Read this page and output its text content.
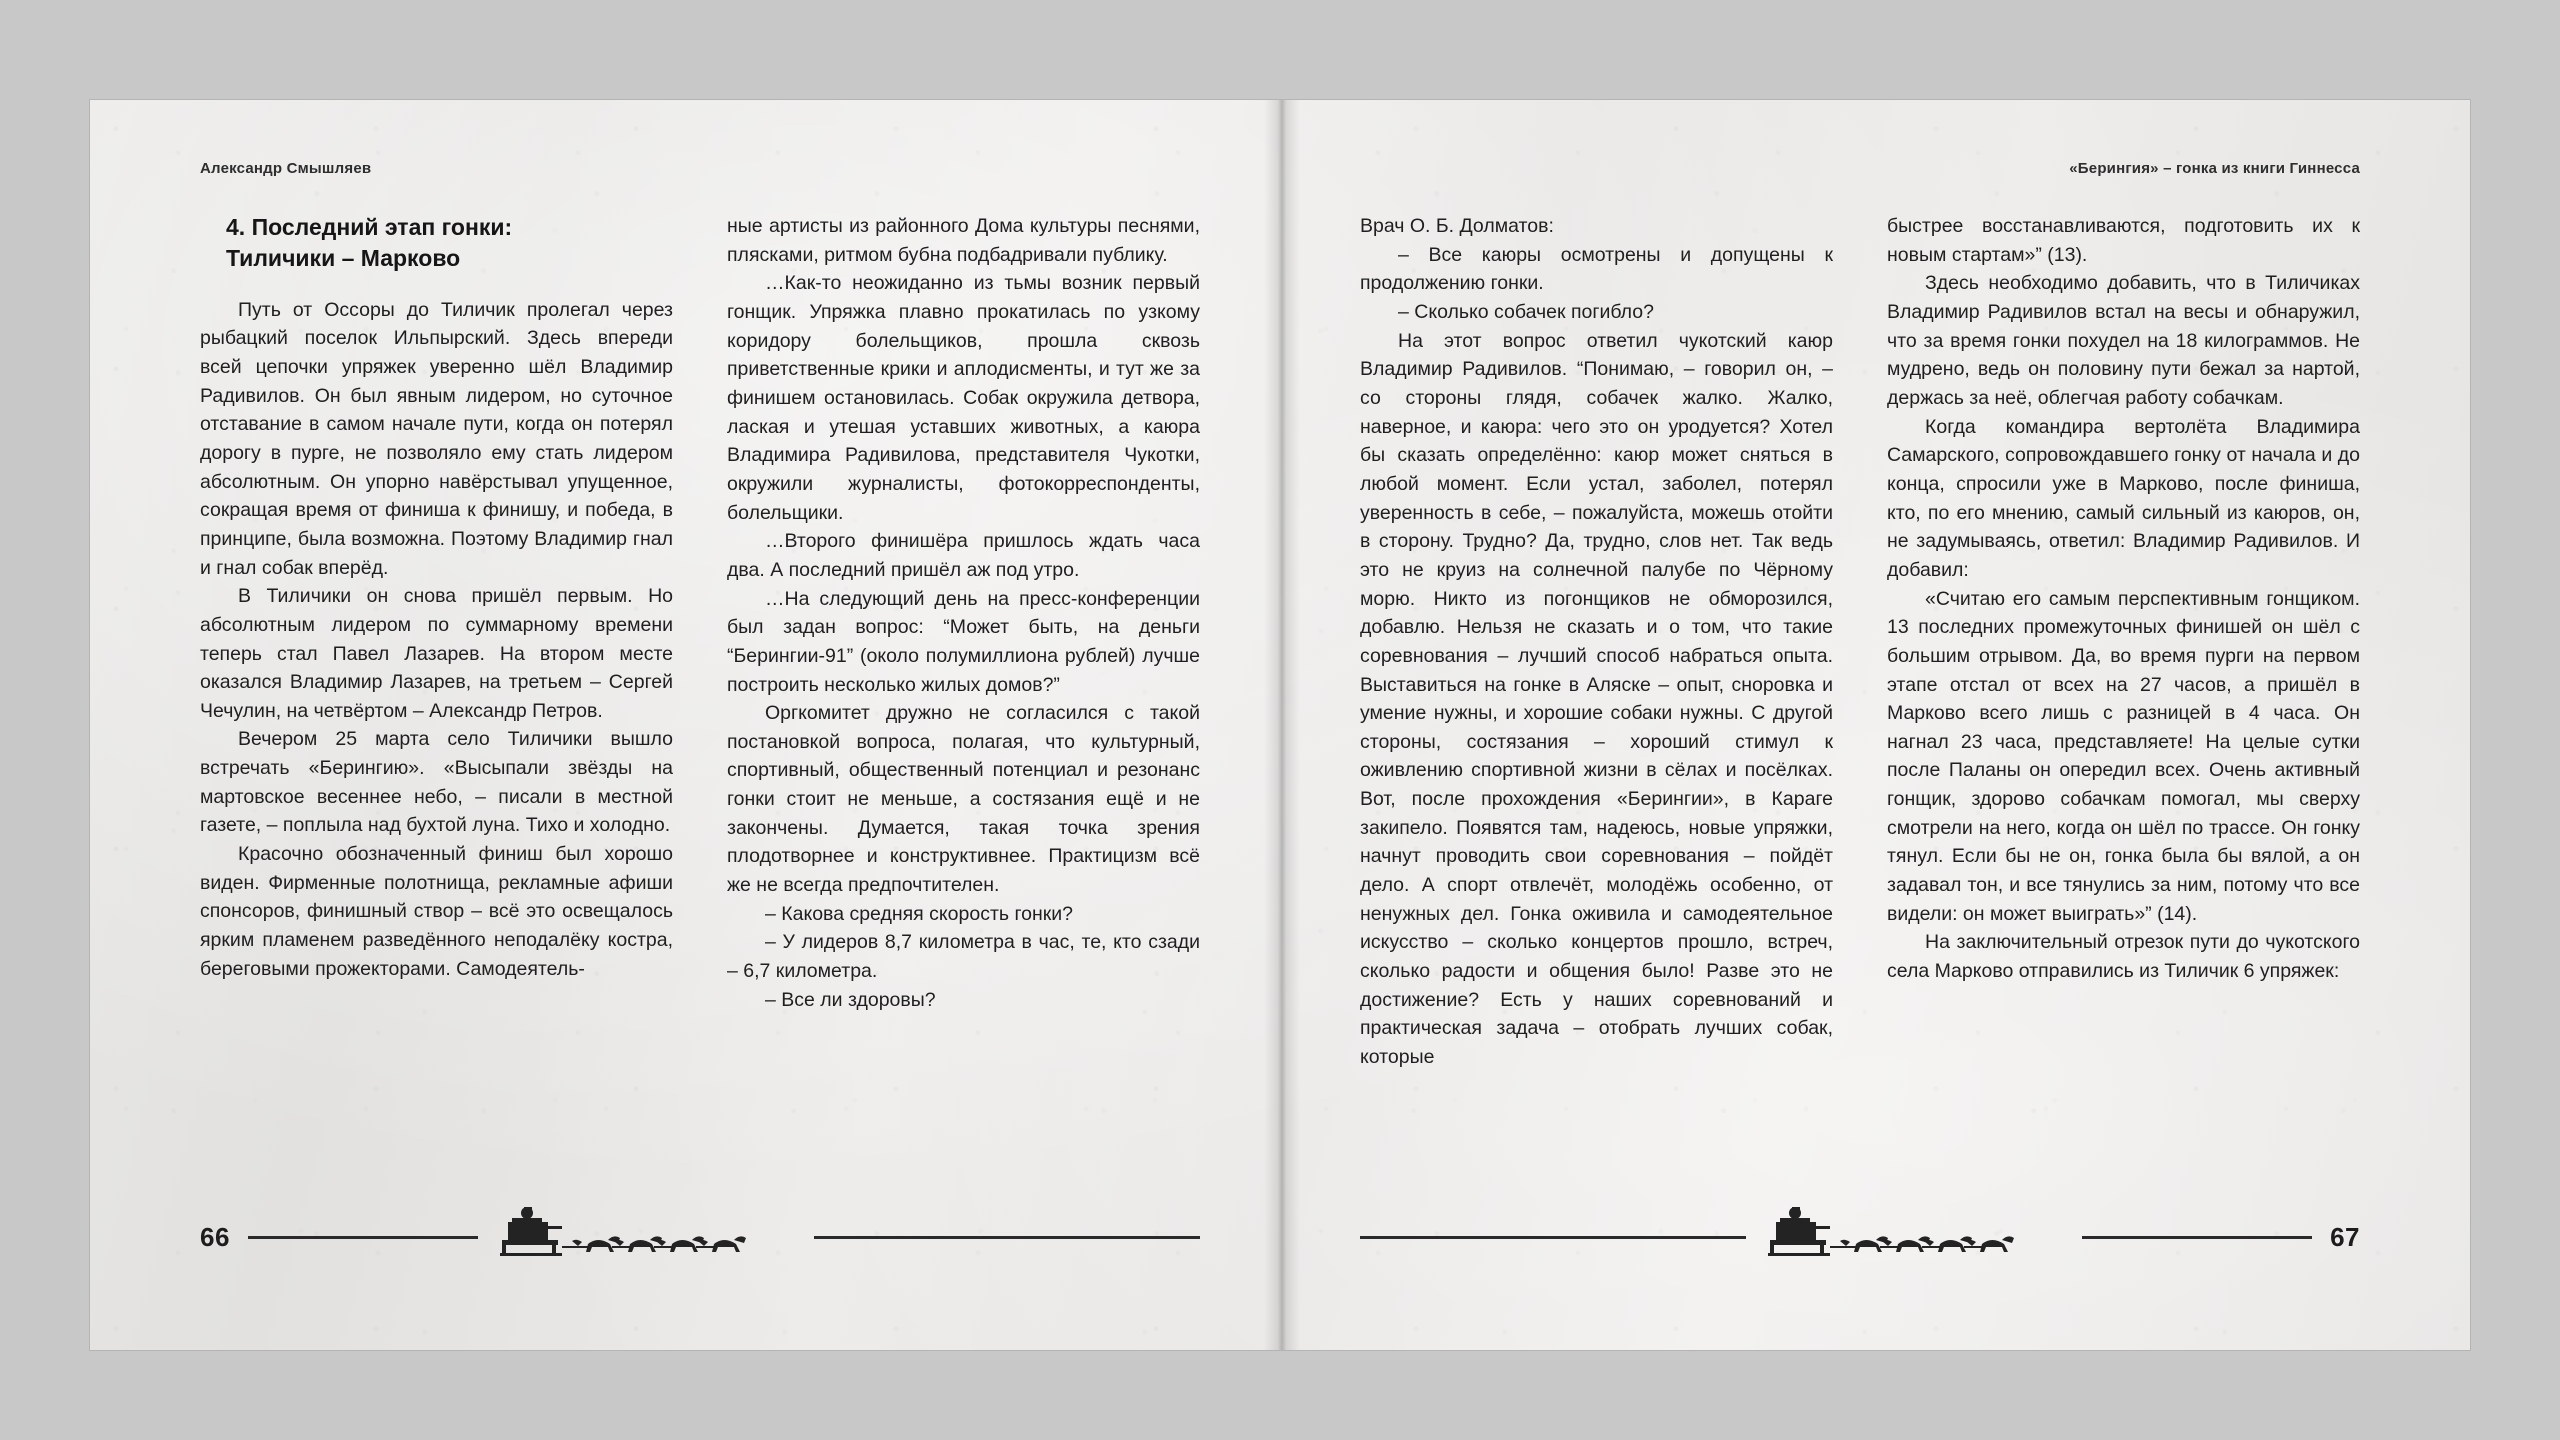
Александр Смышляев
4. Последний этап гонки:
Тиличики – Марково

Путь от Оссоры до Тиличик пролегал через рыбацкий поселок Ильпырский. Здесь впереди всей цепочки упряжек уверенно шёл Владимир Радивилов. Он был явным лидером, но суточное отставание в самом начале пути, когда он потерял дорогу в пурге, не позволяло ему стать лидером абсолютным. Он упорно навёрстывал упущенное, сокращая время от финиша к финишу, и победа, в принципе, была возможна. Поэтому Владимир гнал и гнал собак вперёд.

В Тиличики он снова пришёл первым. Но абсолютным лидером по суммарному времени теперь стал Павел Лазарев. На втором месте оказался Владимир Лазарев, на третьем – Сергей Чечулин, на четвёртом – Александр Петров.

Вечером 25 марта село Тиличики вышло встречать «Берингию». «Высыпали звёзды на мартовское весеннее небо, – писали в местной газете, – поплыла над бухтой луна. Тихо и холодно.

Красочно обозначенный финиш был хорошо виден. Фирменные полотнища, рекламные афиши спонсоров, финишный створ – всё это освещалось ярким пламенем разведённого неподалёку костра, береговыми прожекторами. Самодеятель-

ные артисты из районного Дома культуры песнями, плясками, ритмом бубна подбадривали публику.

…Как-то неожиданно из тьмы возник первый гонщик. Упряжка плавно прокатилась по узкому коридору болельщиков, прошла сквозь приветственные крики и аплодисменты, и тут же за финишем остановилась. Собак окружила детвора, лаская и утешая уставших животных, а каюра Владимира Радивилова, представителя Чукотки, окружили журналисты, фотокорреспонденты, болельщики.

…Второго финишёра пришлось ждать часа два. А последний пришёл аж под утро.

…На следующий день на пресс-конференции был задан вопрос: “Может быть, на деньги “Берингии-91” (около полумиллиона рублей) лучше построить несколько жилых домов?”

Оргкомитет дружно не согласился с такой постановкой вопроса, полагая, что культурный, спортивный, общественный потенциал и резонанс гонки стоит не меньше, а состязания ещё и не закончены. Думается, такая точка зрения плодотворнее и конструктивнее. Практицизм всё же не всегда предпочтителен.

– Какова средняя скорость гонки?

– У лидеров 8,7 километра в час, те, кто сзади – 6,7 километра.

– Все ли здоровы?

66
«Берингия» – гонка из книги Гиннесса

Врач О. Б. Долматов:

– Все каюры осмотрены и допущены к продолжению гонки.

– Сколько собачек погибло?

На этот вопрос ответил чукотский каюр Владимир Радивилов. “Понимаю, – говорил он, – со стороны глядя, собачек жалко. Жалко, наверное, и каюра: чего это он уродуется? Хотел бы сказать определённо: каюр может сняться в любой момент. Если устал, заболел, потерял уверенность в себе, – пожалуйста, можешь отойти в сторону. Трудно? Да, трудно, слов нет. Так ведь это не круиз на солнечной палубе по Чёрному морю. Никто из погонщиков не обморозился, добавлю. Нельзя не сказать и о том, что такие соревнования – лучший способ набраться опыта. Выставиться на гонке в Аляске – опыт, сноровка и умение нужны, и хорошие собаки нужны. С другой стороны, состязания – хороший стимул к оживлению спортивной жизни в сёлах и посёлках. Вот, после прохождения «Берингии», в Караге закипело. Появятся там, надеюсь, новые упряжки, начнут проводить свои соревнования – пойдёт дело. А спорт отвлечёт, молодёжь особенно, от ненужных дел. Гонка оживила и самодеятельное искусство – сколько концертов прошло, встреч, сколько радости и общения было! Разве это не достижение? Есть у наших соревнований и практическая задача – отобрать лучших собак, которые

быстрее восстанавливаются, подготовить их к новым стартам»” (13).

Здесь необходимо добавить, что в Тиличиках Владимир Радивилов встал на весы и обнаружил, что за время гонки похудел на 18 килограммов. Не мудрено, ведь он половину пути бежал за нартой, держась за неё, облегчая работу собачкам.

Когда командира вертолёта Владимира Самарского, сопровождавшего гонку от начала и до конца, спросили уже в Марково, после финиша, кто, по его мнению, самый сильный из каюров, он, не задумываясь, ответил: Владимир Радивилов. И добавил:

«Считаю его самым перспективным гонщиком. 13 последних промежуточных финишей он шёл с большим отрывом. Да, во время пурги на первом этапе отстал от всех на 27 часов, а пришёл в Марково всего лишь с разницей в 4 часа. Он нагнал 23 часа, представляете! На целые сутки после Паланы он опередил всех. Очень активный гонщик, здорово собачкам помогал, мы сверху смотрели на него, когда он шёл по трассе. Он гонку тянул. Если бы не он, гонка была бы вялой, а он задавал тон, и все тянулись за ним, потому что все видели: он может выиграть»” (14).

На заключительный отрезок пути до чукотского села Марково отправились из Тиличик 6 упряжек:

67
